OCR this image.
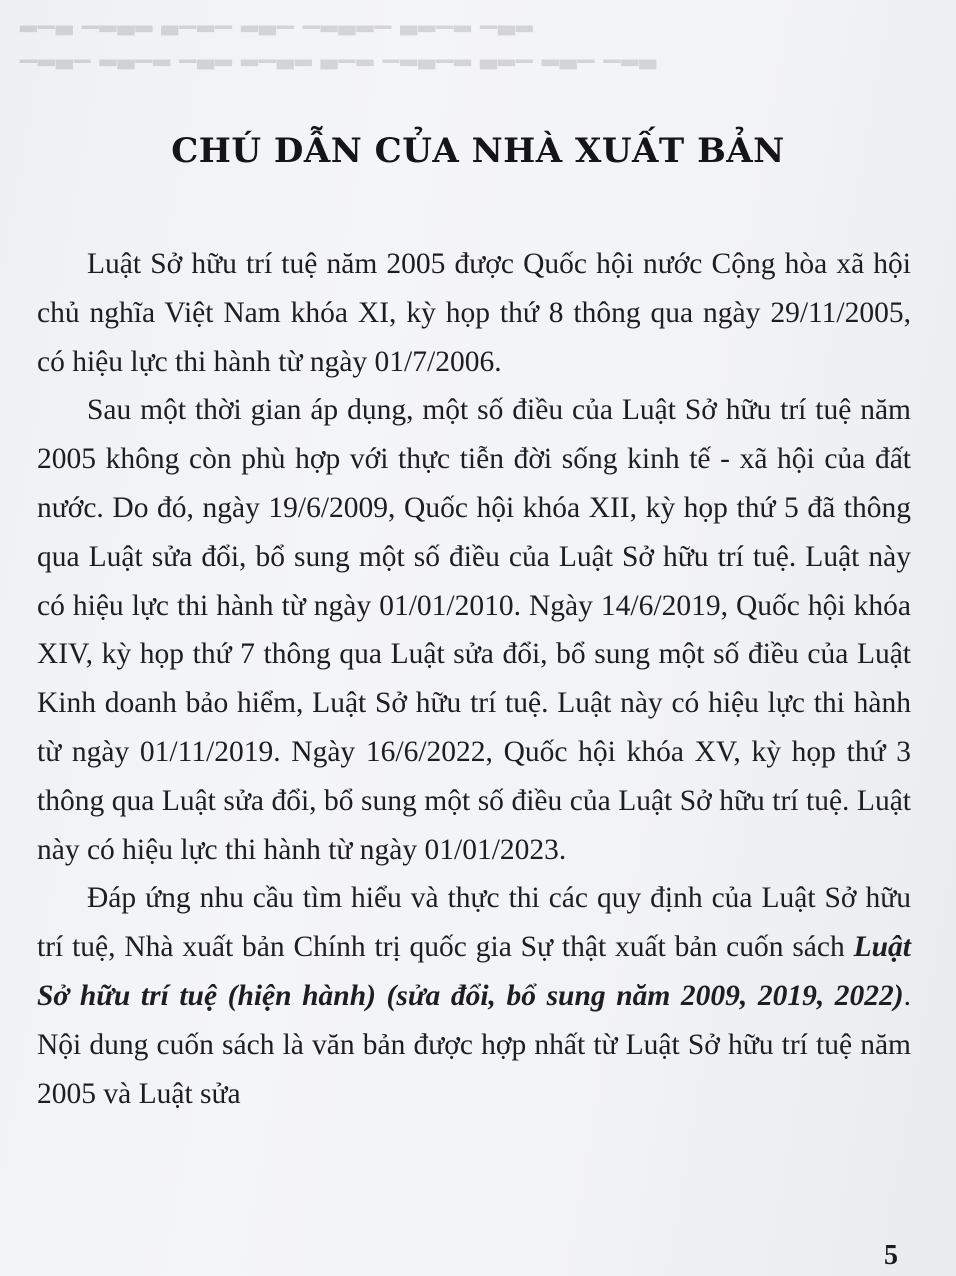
▁▂▃▁ ▂▃▁▂ ▁▃▂ ▂▁▃▂ ▃▁▂ ▁▂▃▁▂ ▃▂▁ ▂▃▁ ▁▂▃
▂▁▃ ▁▂▃▂ ▃▁▂▁ ▂▃▁ ▁▂▃▂▁ ▃▂▁▂ ▁▃▂
CHÚ DẪN CỦA NHÀ XUẤT BẢN

Luật Sở hữu trí tuệ năm 2005 được Quốc hội nước Cộng hòa xã hội chủ nghĩa Việt Nam khóa XI, kỳ họp thứ 8 thông qua ngày 29/11/2005, có hiệu lực thi hành từ ngày 01/7/2006.

Sau một thời gian áp dụng, một số điều của Luật Sở hữu trí tuệ năm 2005 không còn phù hợp với thực tiễn đời sống kinh tế - xã hội của đất nước. Do đó, ngày 19/6/2009, Quốc hội khóa XII, kỳ họp thứ 5 đã thông qua Luật sửa đổi, bổ sung một số điều của Luật Sở hữu trí tuệ. Luật này có hiệu lực thi hành từ ngày 01/01/2010. Ngày 14/6/2019, Quốc hội khóa XIV, kỳ họp thứ 7 thông qua Luật sửa đổi, bổ sung một số điều của Luật Kinh doanh bảo hiểm, Luật Sở hữu trí tuệ. Luật này có hiệu lực thi hành từ ngày 01/11/2019. Ngày 16/6/2022, Quốc hội khóa XV, kỳ họp thứ 3 thông qua Luật sửa đổi, bổ sung một số điều của Luật Sở hữu trí tuệ. Luật này có hiệu lực thi hành từ ngày 01/01/2023.

Đáp ứng nhu cầu tìm hiểu và thực thi các quy định của Luật Sở hữu trí tuệ, Nhà xuất bản Chính trị quốc gia Sự thật xuất bản cuốn sách Luật Sở hữu trí tuệ (hiện hành) (sửa đổi, bổ sung năm 2009, 2019, 2022). Nội dung cuốn sách là văn bản được hợp nhất từ Luật Sở hữu trí tuệ năm 2005 và Luật sửa

5
